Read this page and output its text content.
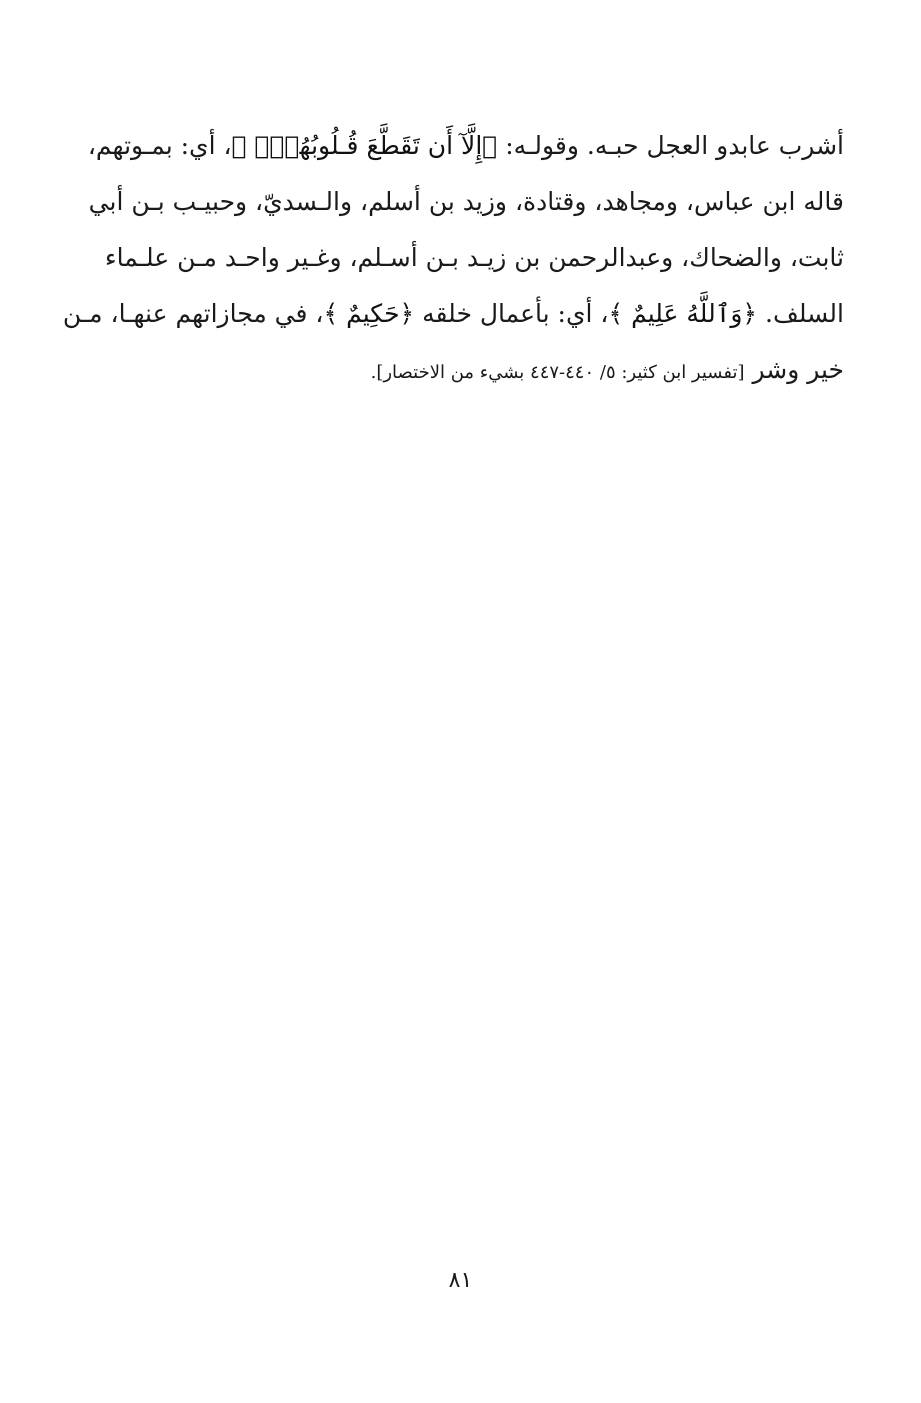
أشرب عابدو العجل حبـه. وقولـه: ﴿إِلَّآ أَن تَقَطَّعَ قُـلُوبُهُمۡۗ ﴾، أي: بمـوتهم،
قاله ابن عباس، ومجاهد، وقتادة، وزيد بن أسلم، والـسديّ، وحبيـب بـن أبي
ثابت، والضحاك، وعبدالرحمن بن زيـد بـن أسـلم، وغـير واحـد مـن علـماء
السلف. ﴿وَٱللَّهُ عَلِيمٌ ﴾، أي: بأعمال خلقه ﴿حَكِيمٌ ﴾، في مجازاتهم عنهـا، مـن
خير وشر [تفسير ابن كثير: ٥/ ٤٤٠-٤٤٧ بشيء من الاختصار].
٨١
